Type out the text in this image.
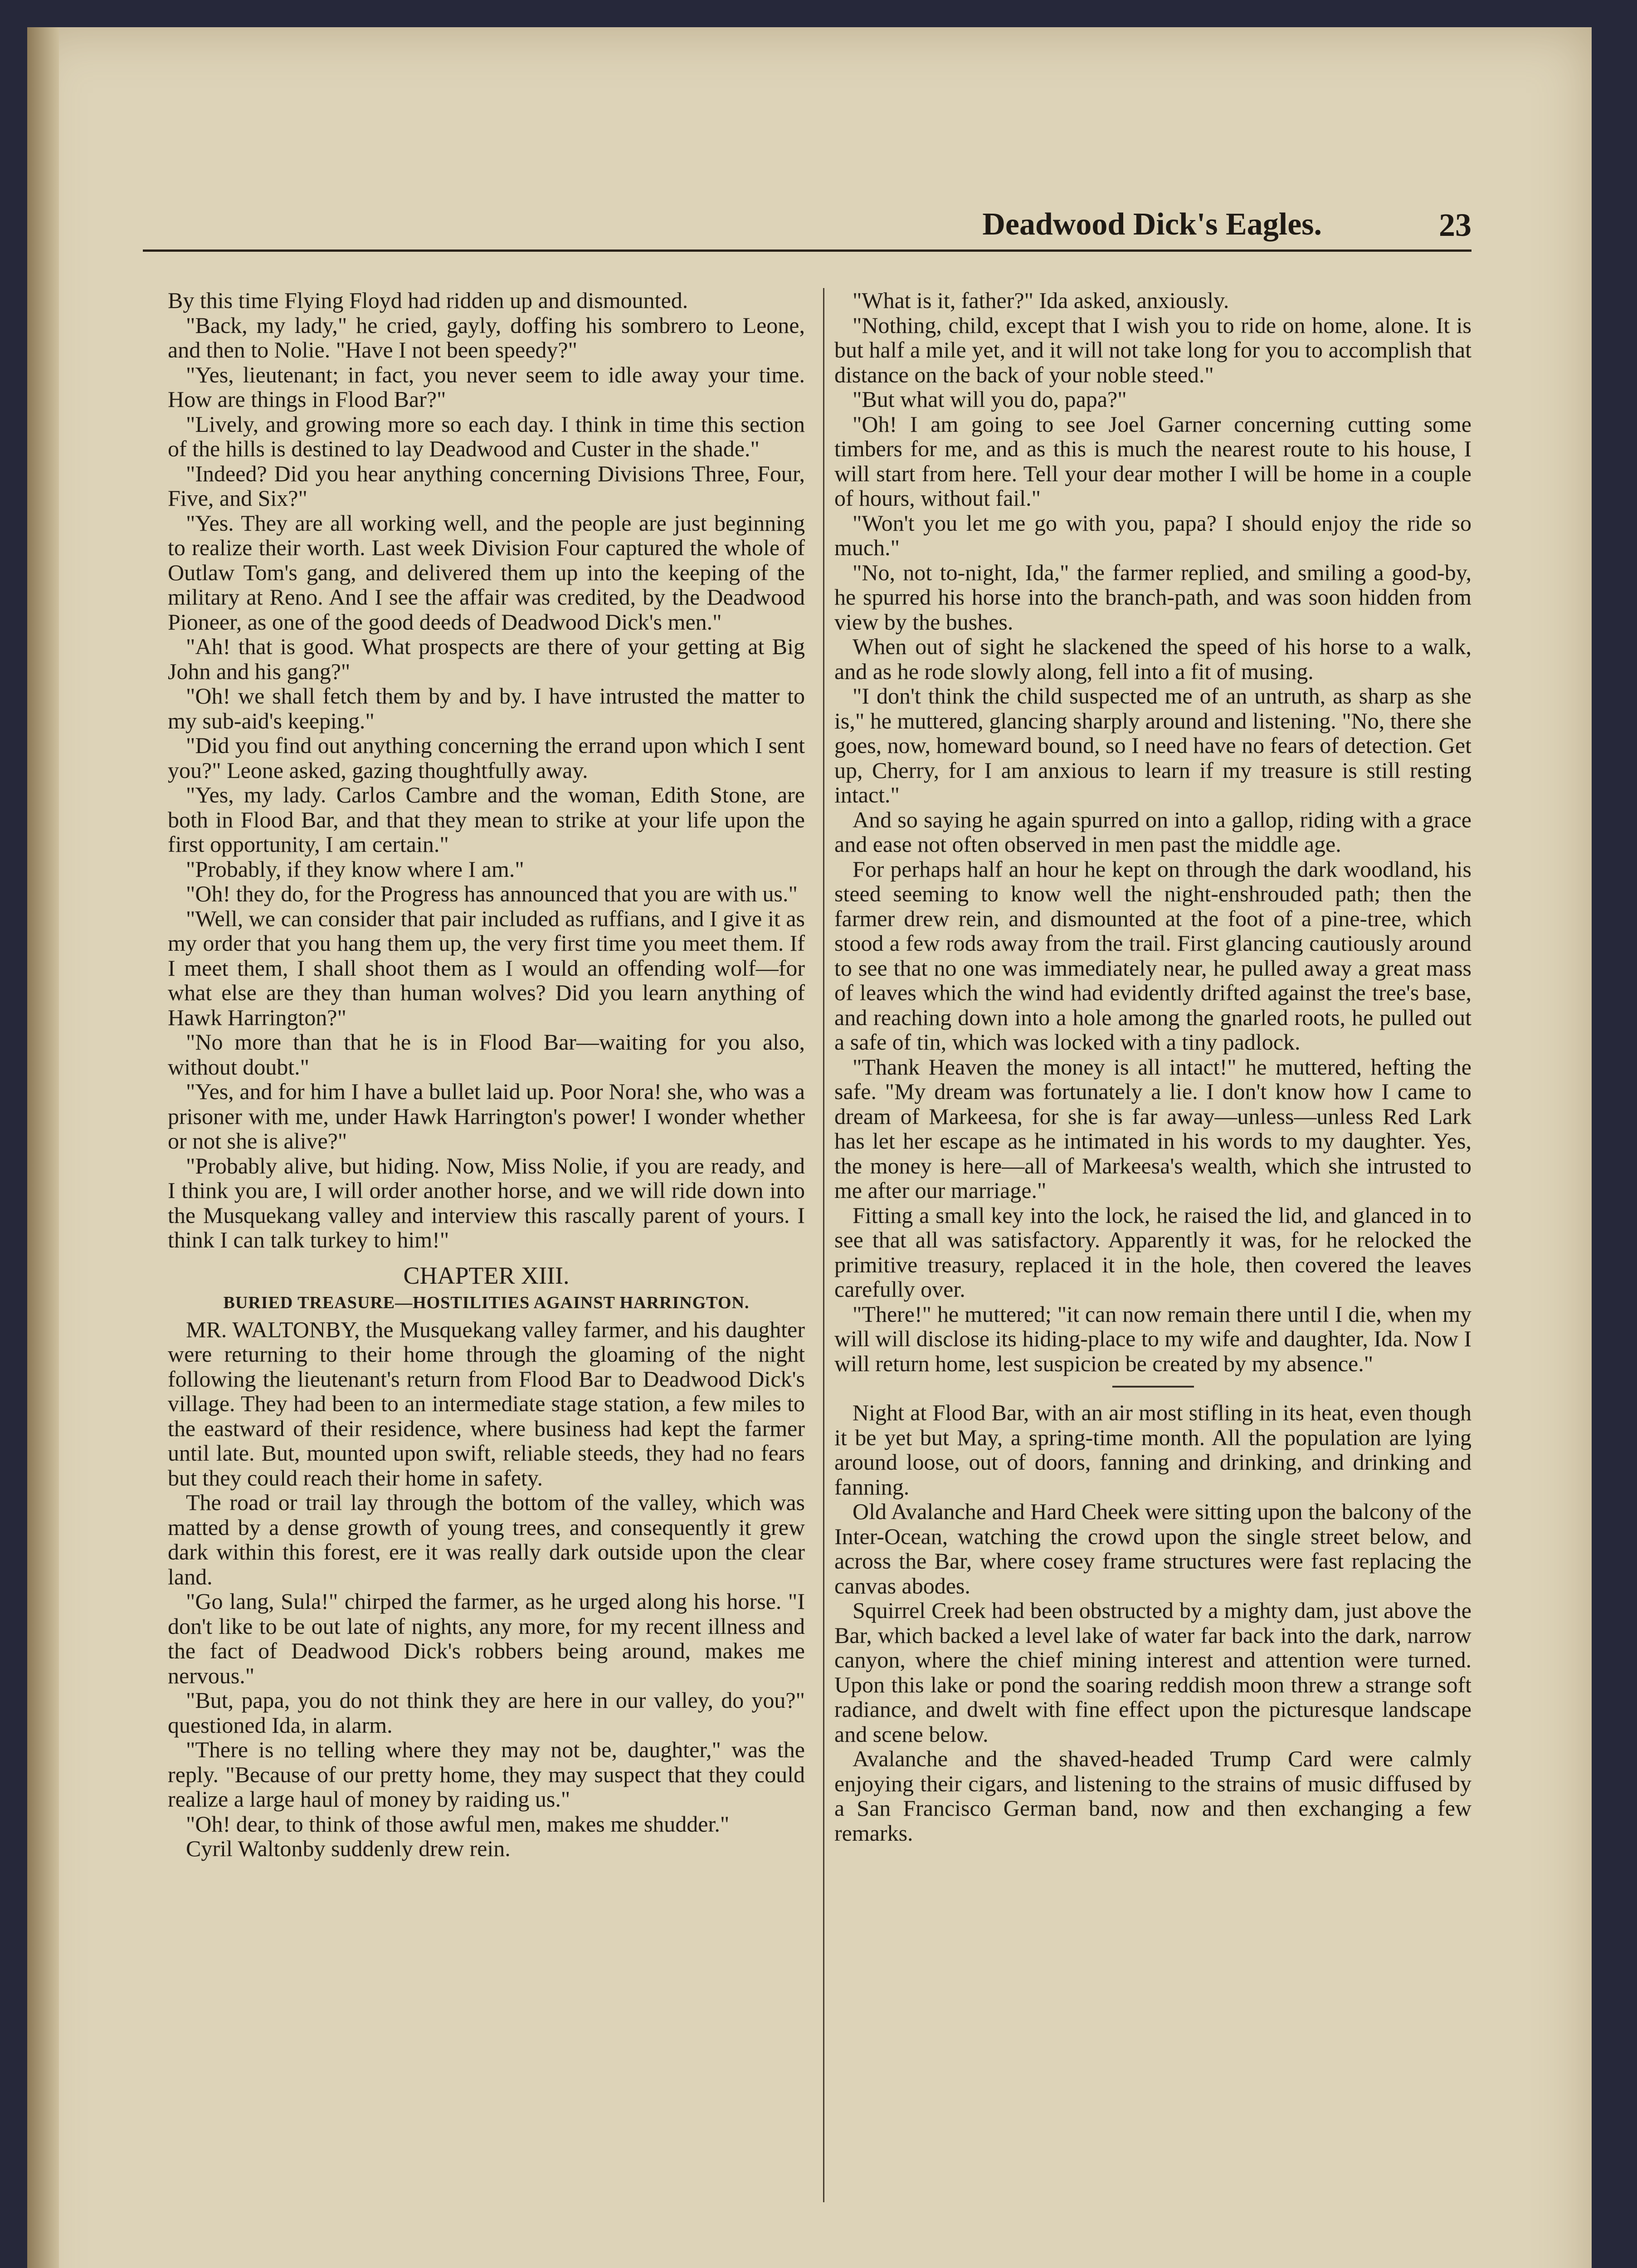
Deadwood Dick's Eagles.	23

By this time Flying Floyd had ridden up and dismounted.

"Back, my lady," he cried, gayly, doffing his sombrero to Leone, and then to Nolie. "Have I not been speedy?"

"Yes, lieutenant; in fact, you never seem to idle away your time. How are things in Flood Bar?"

"Lively, and growing more so each day. I think in time this section of the hills is destined to lay Deadwood and Custer in the shade."

"Indeed? Did you hear anything concerning Divisions Three, Four, Five, and Six?"

"Yes. They are all working well, and the people are just beginning to realize their worth. Last week Division Four captured the whole of Outlaw Tom's gang, and delivered them up into the keeping of the military at Reno. And I see the affair was credited, by the Deadwood Pioneer, as one of the good deeds of Deadwood Dick's men."

"Ah! that is good. What prospects are there of your getting at Big John and his gang?"

"Oh! we shall fetch them by and by. I have intrusted the matter to my sub-aid's keeping."

"Did you find out anything concerning the errand upon which I sent you?" Leone asked, gazing thoughtfully away.

"Yes, my lady. Carlos Cambre and the woman, Edith Stone, are both in Flood Bar, and that they mean to strike at your life upon the first opportunity, I am certain."

"Probably, if they know where I am."

"Oh! they do, for the Progress has announced that you are with us."

"Well, we can consider that pair included as ruffians, and I give it as my order that you hang them up, the very first time you meet them. If I meet them, I shall shoot them as I would an offending wolf—for what else are they than human wolves? Did you learn anything of Hawk Harrington?"

"No more than that he is in Flood Bar—waiting for you also, without doubt."

"Yes, and for him I have a bullet laid up. Poor Nora! she, who was a prisoner with me, under Hawk Harrington's power! I wonder whether or not she is alive?"

"Probably alive, but hiding. Now, Miss Nolie, if you are ready, and I think you are, I will order another horse, and we will ride down into the Musquekang valley and interview this rascally parent of yours. I think I can talk turkey to him!"

CHAPTER XIII.
BURIED TREASURE—HOSTILITIES AGAINST HARRINGTON.

MR. WALTONBY, the Musquekang valley farmer, and his daughter were returning to their home through the gloaming of the night following the lieutenant's return from Flood Bar to Deadwood Dick's village. They had been to an intermediate stage station, a few miles to the eastward of their residence, where business had kept the farmer until late. But, mounted upon swift, reliable steeds, they had no fears but they could reach their home in safety.

The road or trail lay through the bottom of the valley, which was matted by a dense growth of young trees, and consequently it grew dark within this forest, ere it was really dark outside upon the clear land.

"Go lang, Sula!" chirped the farmer, as he urged along his horse. "I don't like to be out late of nights, any more, for my recent illness and the fact of Deadwood Dick's robbers being around, makes me nervous."

"But, papa, you do not think they are here in our valley, do you?" questioned Ida, in alarm.

"There is no telling where they may not be, daughter," was the reply. "Because of our pretty home, they may suspect that they could realize a large haul of money by raiding us."

"Oh! dear, to think of those awful men, makes me shudder."

Cyril Waltonby suddenly drew rein.

"What is it, father?" Ida asked, anxiously.

"Nothing, child, except that I wish you to ride on home, alone. It is but half a mile yet, and it will not take long for you to accomplish that distance on the back of your noble steed."

"But what will you do, papa?"

"Oh! I am going to see Joel Garner concerning cutting some timbers for me, and as this is much the nearest route to his house, I will start from here. Tell your dear mother I will be home in a couple of hours, without fail."

"Won't you let me go with you, papa? I should enjoy the ride so much."

"No, not to-night, Ida," the farmer replied, and smiling a good-by, he spurred his horse into the branch-path, and was soon hidden from view by the bushes.

When out of sight he slackened the speed of his horse to a walk, and as he rode slowly along, fell into a fit of musing.

"I don't think the child suspected me of an untruth, as sharp as she is," he muttered, glancing sharply around and listening. "No, there she goes, now, homeward bound, so I need have no fears of detection. Get up, Cherry, for I am anxious to learn if my treasure is still resting intact."

And so saying he again spurred on into a gallop, riding with a grace and ease not often observed in men past the middle age.

For perhaps half an hour he kept on through the dark woodland, his steed seeming to know well the night-enshrouded path; then the farmer drew rein, and dismounted at the foot of a pine-tree, which stood a few rods away from the trail. First glancing cautiously around to see that no one was immediately near, he pulled away a great mass of leaves which the wind had evidently drifted against the tree's base, and reaching down into a hole among the gnarled roots, he pulled out a safe of tin, which was locked with a tiny padlock.

"Thank Heaven the money is all intact!" he muttered, hefting the safe. "My dream was fortunately a lie. I don't know how I came to dream of Markeesa, for she is far away—unless—unless Red Lark has let her escape as he intimated in his words to my daughter. Yes, the money is here—all of Markeesa's wealth, which she intrusted to me after our marriage."

Fitting a small key into the lock, he raised the lid, and glanced in to see that all was satisfactory. Apparently it was, for he relocked the primitive treasury, replaced it in the hole, then covered the leaves carefully over.

"There!" he muttered; "it can now remain there until I die, when my will will disclose its hiding-place to my wife and daughter, Ida. Now I will return home, lest suspicion be created by my absence."

Night at Flood Bar, with an air most stifling in its heat, even though it be yet but May, a spring-time month. All the population are lying around loose, out of doors, fanning and drinking, and drinking and fanning.

Old Avalanche and Hard Cheek were sitting upon the balcony of the Inter-Ocean, watching the crowd upon the single street below, and across the Bar, where cosey frame structures were fast replacing the canvas abodes.

Squirrel Creek had been obstructed by a mighty dam, just above the Bar, which backed a level lake of water far back into the dark, narrow canyon, where the chief mining interest and attention were turned. Upon this lake or pond the soaring reddish moon threw a strange soft radiance, and dwelt with fine effect upon the picturesque landscape and scene below.

Avalanche and the shaved-headed Trump Card were calmly enjoying their cigars, and listening to the strains of music diffused by a San Francisco German band, now and then exchanging a few remarks.
